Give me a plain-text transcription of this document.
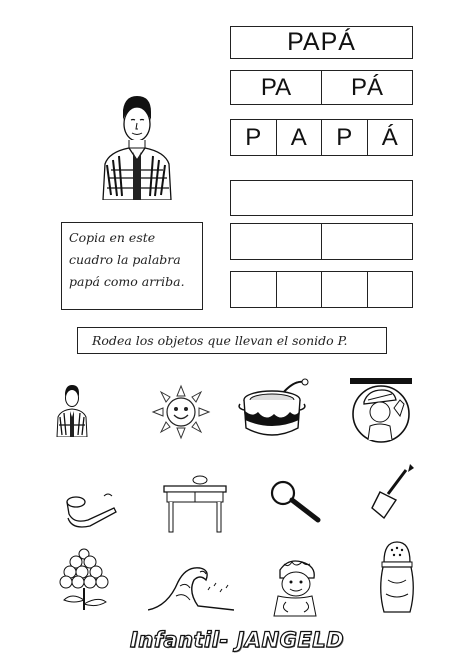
PAPÁ
PA	PÁ
P	A	P	Á
Copia en este
cuadro la palabra
papá como arriba.
Rodea los objetos que llevan el sonido P.
Infantil- JANGELD
